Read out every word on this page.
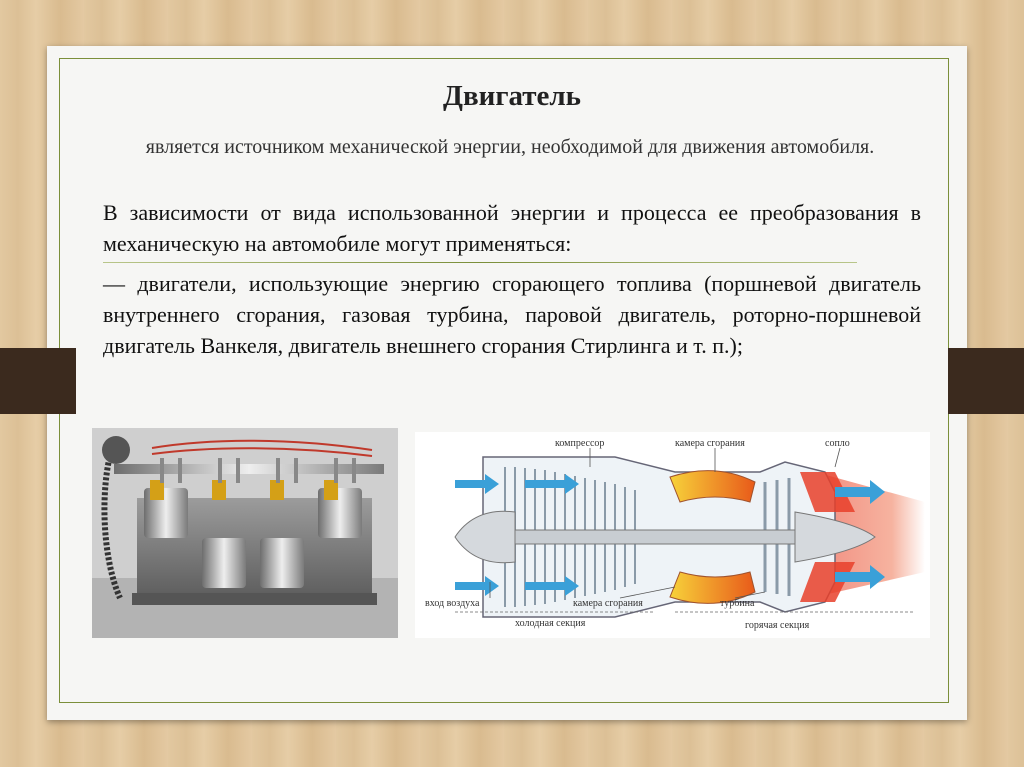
Двигатель
является источником механической энергии, необходимой для движения автомобиля.
В зависимости от вида использованной энергии и процесса ее преобразования в механическую на автомобиле могут применяться:
— двигатели, использующие энергию сгорающего топлива (поршневой двигатель внутреннего сгорания, газовая турбина, паровой двигатель, роторно-поршневой двигатель Ванкеля, двигатель внешнего сгорания Стирлинга и т. п.);
компрессор	камера сгорания	сопло
вход воздуха	камера сгорания	турбина
холодная секция	горячая секция
